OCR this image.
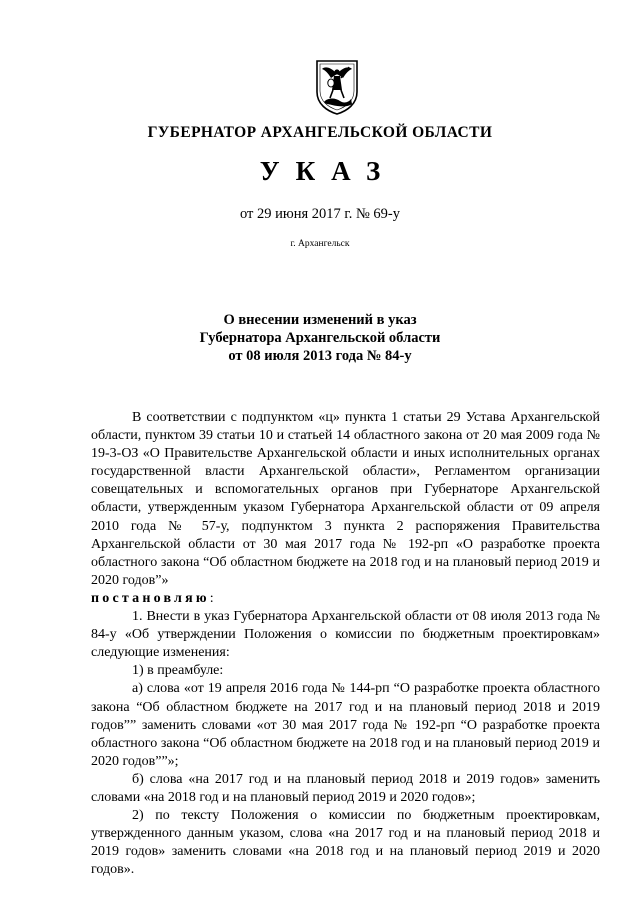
ГУБЕРНАТОР АРХАНГЕЛЬСКОЙ ОБЛАСТИ
УКАЗ
от 29 июня 2017 г. № 69-у
г. Архангельск
О внесении изменений в указ
Губернатора Архангельской области
от 08 июля 2013 года № 84-у

В соответствии с подпунктом «ц» пункта 1 статьи 29 Устава Архангельской области, пунктом 39 статьи 10 и статьей 14 областного закона от 20 мая 2009 года № 19-3-ОЗ «О Правительстве Архангельской области и иных исполнительных органах государственной власти Архангельской области», Регламентом организации совещательных и вспомогательных органов при Губернаторе Архангельской области, утвержденным указом Губернатора Архангельской области от 09 апреля 2010 года № 57-у, подпунктом 3 пункта 2 распоряжения Правительства Архангельской области от 30 мая 2017 года № 192-рп «О разработке проекта областного закона “Об областном бюджете на 2018 год и на плановый период 2019 и 2020 годов”»

постановляю:

1. Внести в указ Губернатора Архангельской области от 08 июля 2013 года № 84-у «Об утверждении Положения о комиссии по бюджетным проектировкам» следующие изменения:

1) в преамбуле:

а) слова «от 19 апреля 2016 года № 144-рп “О разработке проекта областного закона “Об областном бюджете на 2017 год и на плановый период 2018 и 2019 годов”” заменить словами «от 30 мая 2017 года № 192-рп “О разработке проекта областного закона “Об областном бюджете на 2018 год и на плановый период 2019 и 2020 годов””»;

б) слова «на 2017 год и на плановый период 2018 и 2019 годов» заменить словами «на 2018 год и на плановый период 2019 и 2020 годов»;

2) по тексту Положения о комиссии по бюджетным проектировкам, утвержденного данным указом, слова «на 2017 год и на плановый период 2018 и 2019 годов» заменить словами «на 2018 год и на плановый период 2019 и 2020 годов».
